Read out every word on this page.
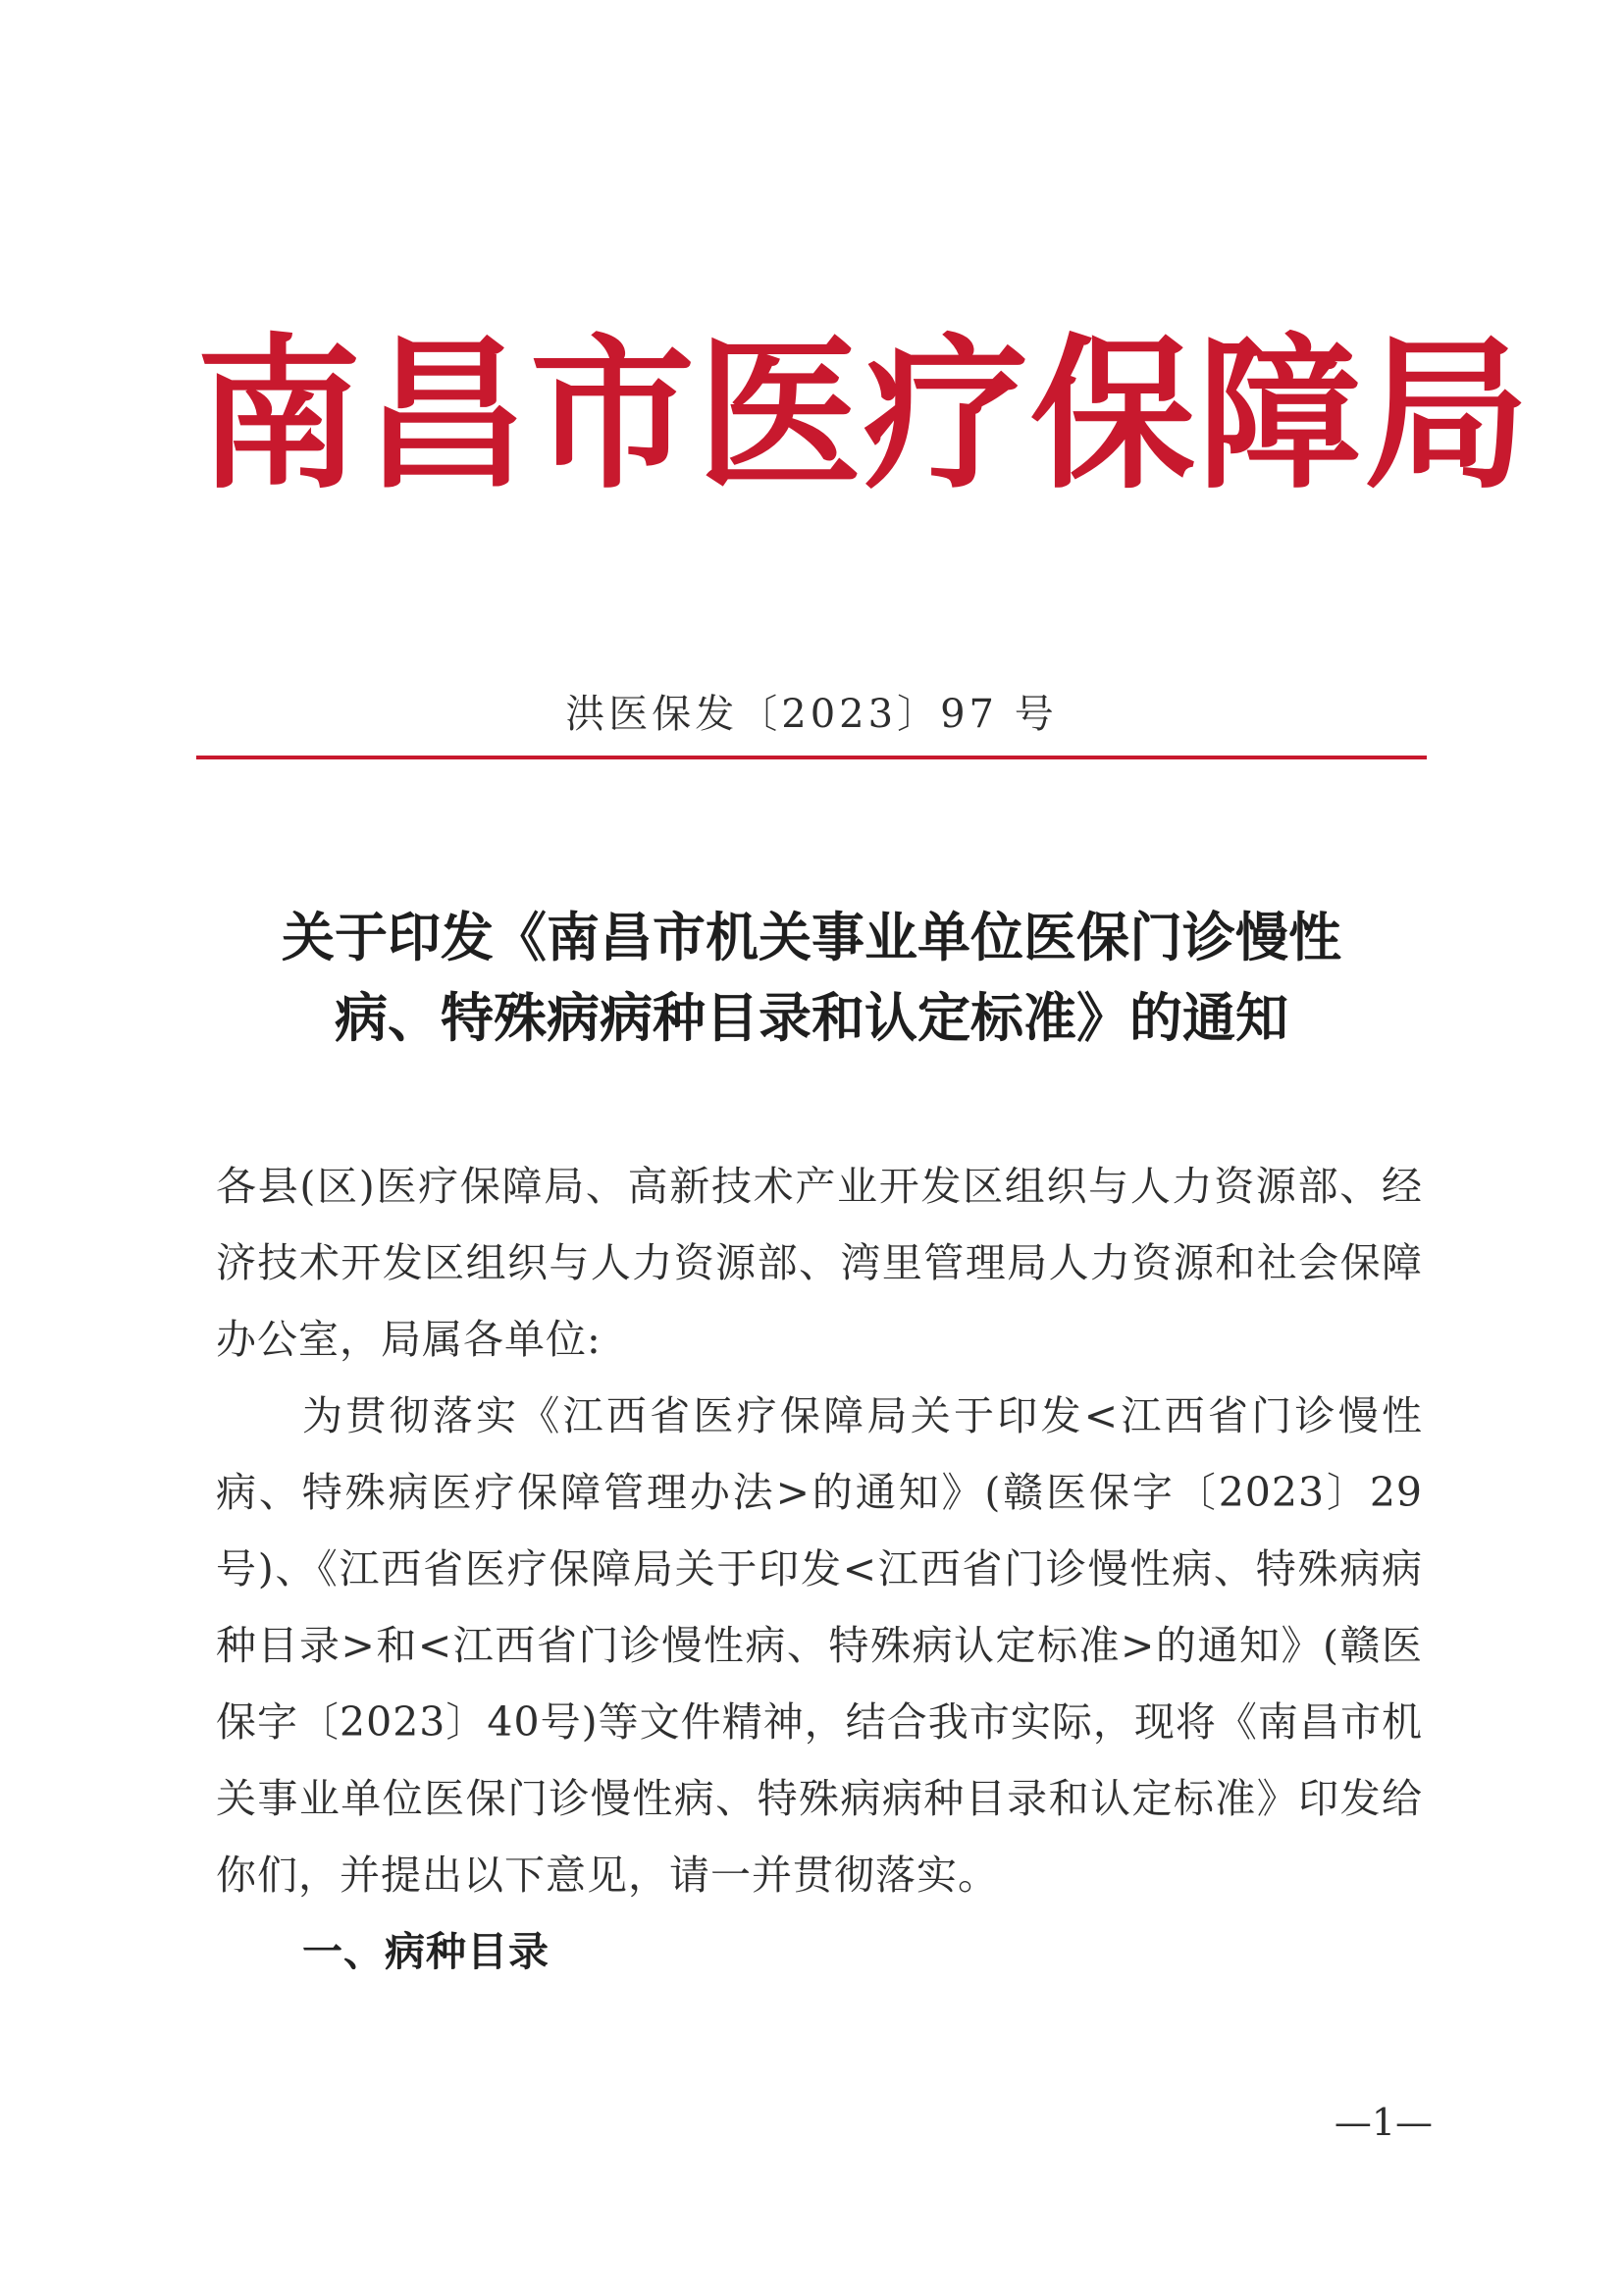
南昌市医疗保障局
洪医保发〔2023〕97 号
关于印发《南昌市机关事业单位医保门诊慢性
病、特殊病病种目录和认定标准》的通知

各县(区)医疗保障局、高新技术产业开发区组织与人力资源部、经济技术开发区组织与人力资源部、湾里管理局人力资源和社会保障办公室，局属各单位:

为贯彻落实《江西省医疗保障局关于印发<江西省门诊慢性病、特殊病医疗保障管理办法>的通知》(赣医保字〔2023〕29号)、《江西省医疗保障局关于印发<江西省门诊慢性病、特殊病病种目录>和<江西省门诊慢性病、特殊病认定标准>的通知》(赣医保字〔2023〕40号)等文件精神，结合我市实际，现将《南昌市机关事业单位医保门诊慢性病、特殊病病种目录和认定标准》印发给你们，并提出以下意见，请一并贯彻落实。

一、病种目录

—1—
